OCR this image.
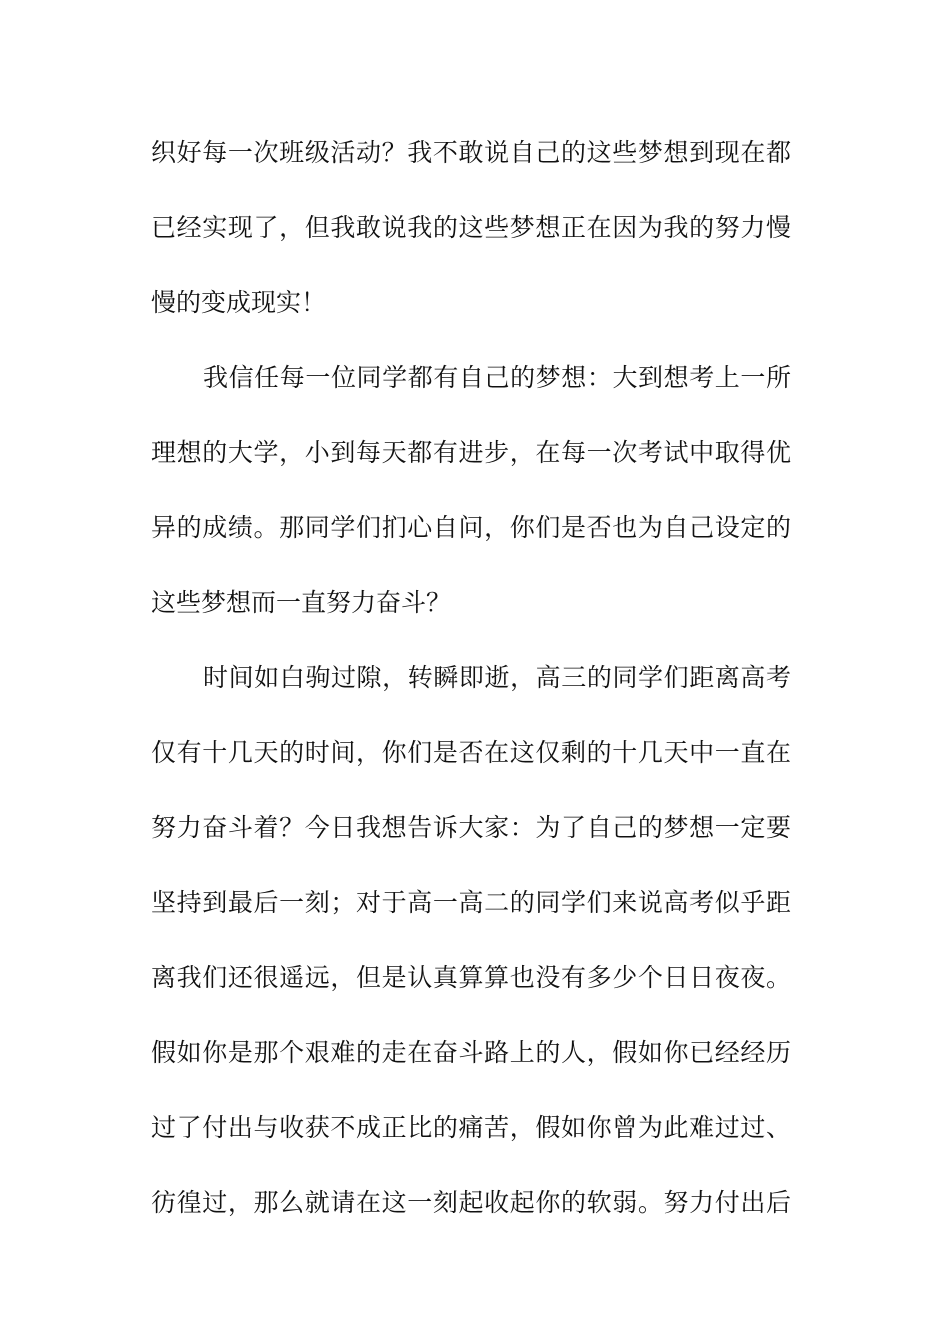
织好每一次班级活动？我不敢说自己的这些梦想到现在都
已经实现了，但我敢说我的这些梦想正在因为我的努力慢
慢的变成现实！
我信任每一位同学都有自己的梦想：大到想考上一所
理想的大学，小到每天都有进步，在每一次考试中取得优
异的成绩。那同学们扪心自问，你们是否也为自己设定的
这些梦想而一直努力奋斗？
时间如白驹过隙，转瞬即逝，高三的同学们距离高考
仅有十几天的时间，你们是否在这仅剩的十几天中一直在
努力奋斗着？今日我想告诉大家：为了自己的梦想一定要
坚持到最后一刻；对于高一高二的同学们来说高考似乎距
离我们还很遥远，但是认真算算也没有多少个日日夜夜。
假如你是那个艰难的走在奋斗路上的人，假如你已经经历
过了付出与收获不成正比的痛苦，假如你曾为此难过过、
彷徨过，那么就请在这一刻起收起你的软弱。努力付出后
